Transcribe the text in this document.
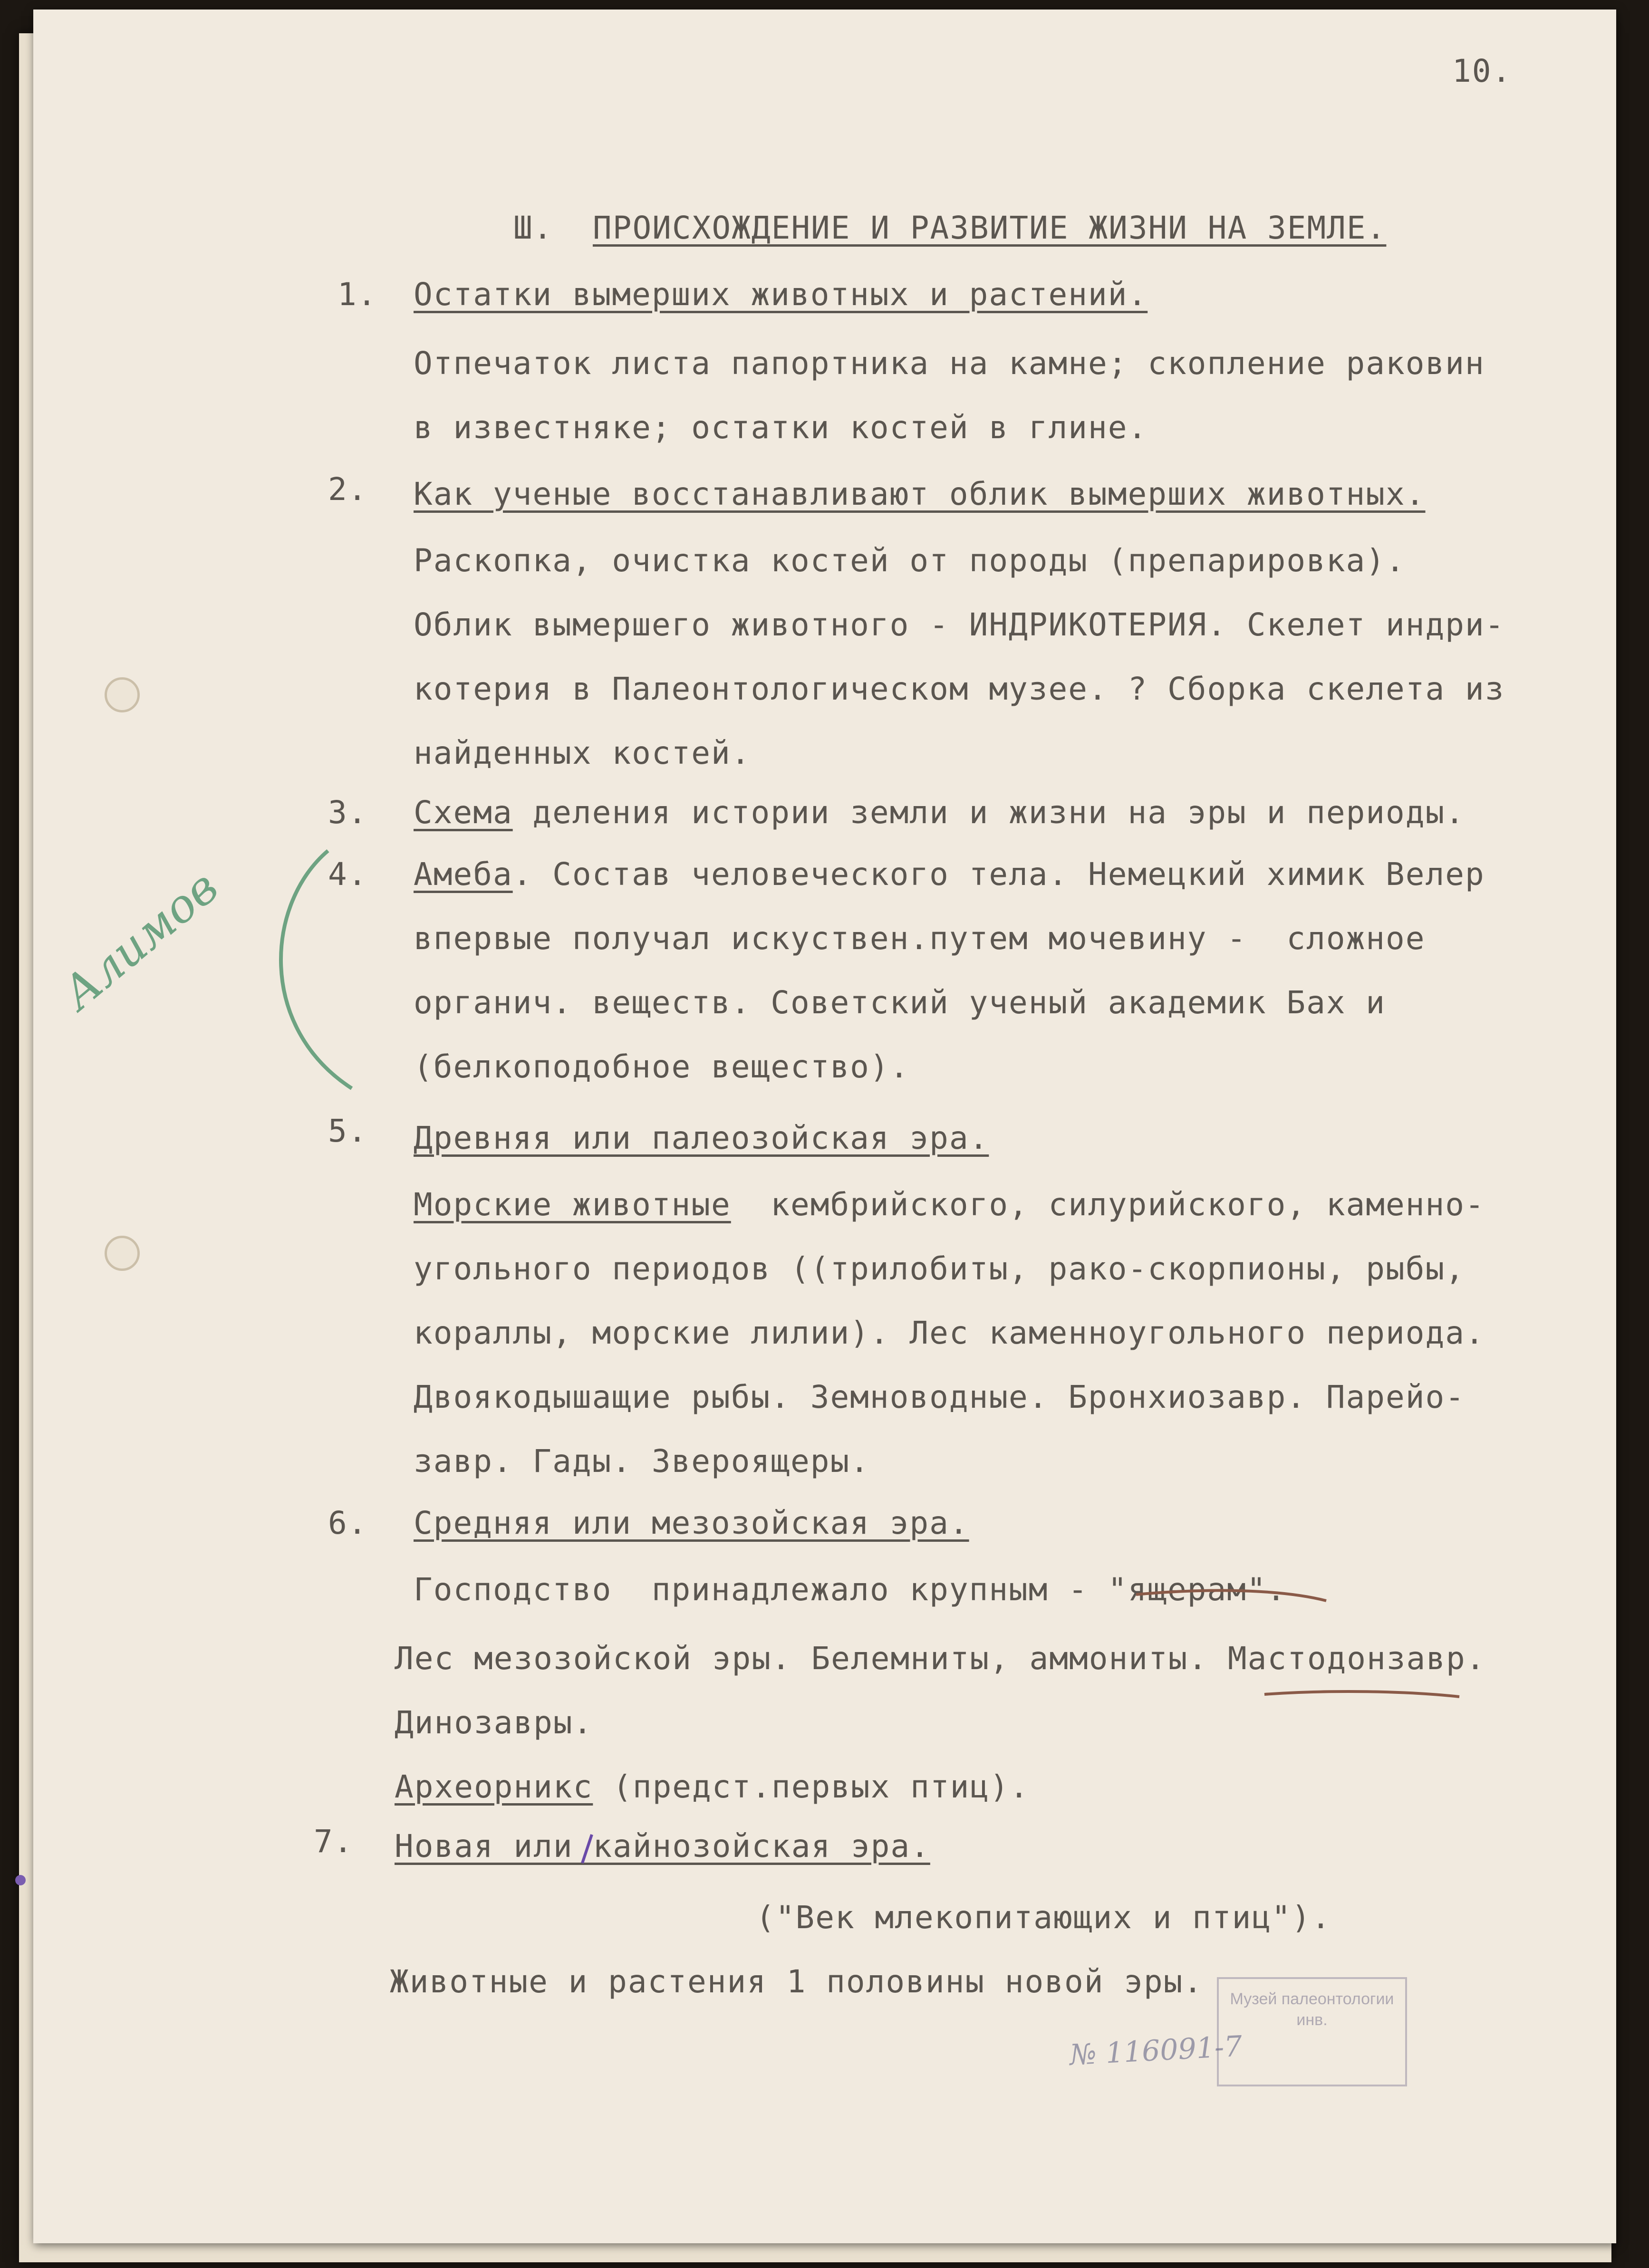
10.
Ш. ПРОИСХОЖДЕНИЕ И РАЗВИТИЕ ЖИЗНИ НА ЗЕМЛЕ.
1. Остатки вымерших животных и растений.
Отпечаток листа папортника на камне; скопление раковин
в известняке; остатки костей в глине.
2. Как ученые восстанавливают облик вымерших животных.
Раскопка, очистка костей от породы (препарировка).
Облик вымершего животного - ИНДРИКОТЕРИЯ. Скелет индри-
котерия в Палеонтологическом музее. ? Сборка скелета из
найденных костей.
3. Схема деления истории земли и жизни на эры и периоды.
4. Амеба. Состав человеческого тела. Немецкий химик Велер
впервые получал искуствен.путем мочевину -  сложное
органич. веществ. Советский ученый академик Бах и
(белкоподобное вещество).
5. Древняя или палеозойская эра.
Морские животные  кембрийского, силурийского, каменно-
угольного периодов ((трилобиты, рако-скорпионы, рыбы,
кораллы, морские лилии). Лес каменноугольного периода.
Двоякодышащие рыбы. Земноводные. Бронхиозавр. Парейо-
завр. Гады. Звероящеры.
6. Средняя или мезозойская эра.
Господство  принадлежало крупным - "ящерам".
Лес мезозойской эры. Белемниты, аммониты. Мастодонзавр.
Динозавры.
Археорникс (предст.первых птиц).
7. Новая или кайнозойская эра.
("Век млекопитающих и птиц").
Животные и растения 1 половины новой эры.
Алимов
Музей палеонтологии инв.
№ 116091-7
